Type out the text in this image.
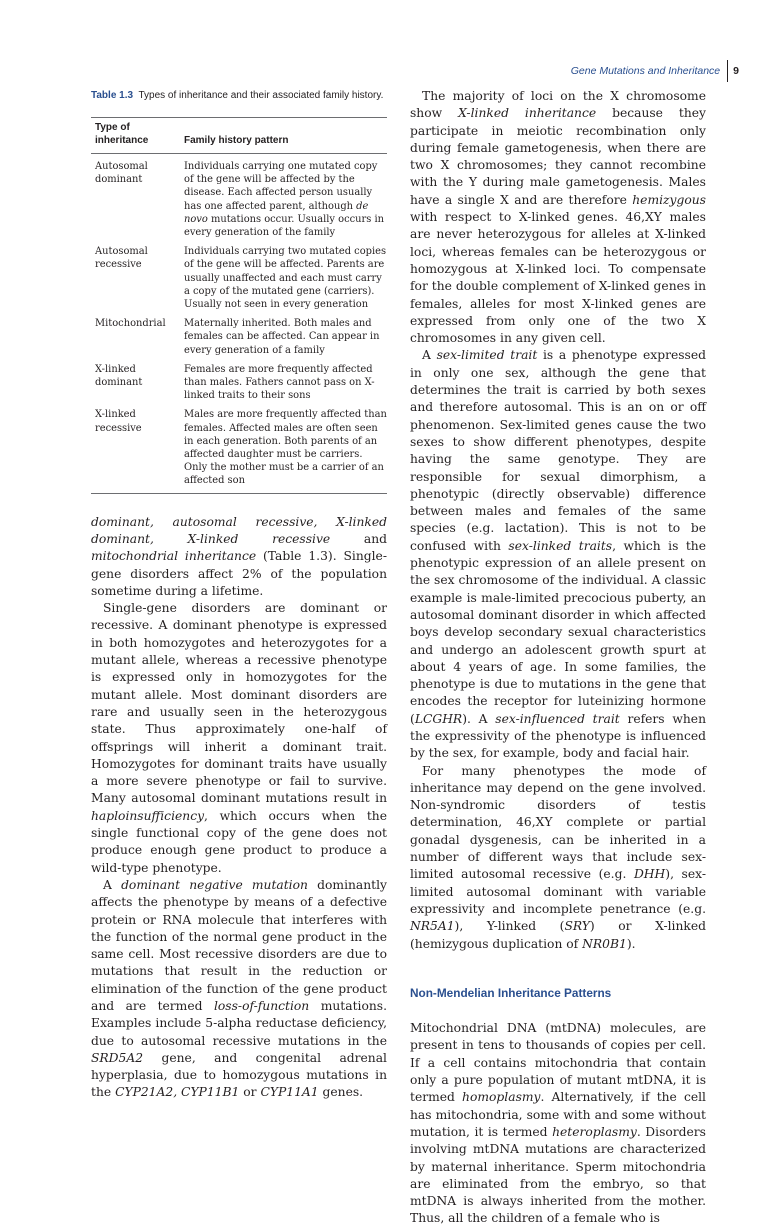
Gene Mutations and Inheritance	9
Table 1.3 Types of inheritance and their associated family history.
Type of inheritance	Family history pattern
Autosomal dominant	Individuals carrying one mutated copy of the gene will be affected by the disease. Each affected person usually has one affected parent, although de novo mutations occur. Usually occurs in every generation of the family
Autosomal recessive	Individuals carrying two mutated copies of the gene will be affected. Parents are usually unaffected and each must carry a copy of the mutated gene (carriers). Usually not seen in every generation
Mitochondrial	Maternally inherited. Both males and females can be affected. Can appear in every generation of a family
X-linked dominant	Females are more frequently affected than males. Fathers cannot pass on X-linked traits to their sons
X-linked recessive	Males are more frequently affected than females. Affected males are often seen in each generation. Both parents of an affected daughter must be carriers. Only the mother must be a carrier of an affected son

dominant, autosomal recessive, X-linked dominant, X-linked recessive and mitochondrial inheritance (Table 1.3). Single-gene disorders affect 2% of the population sometime during a lifetime.

Single-gene disorders are dominant or recessive. A dominant phenotype is expressed in both homozygotes and heterozygotes for a mutant allele, whereas a recessive phenotype is expressed only in homozygotes for the mutant allele. Most dominant disorders are rare and usually seen in the heterozygous state. Thus approximately one-half of offsprings will inherit a dominant trait. Homozygotes for dominant traits have usually a more severe phenotype or fail to survive. Many autosomal dominant mutations result in haploinsufficiency, which occurs when the single functional copy of the gene does not produce enough gene product to produce a wild-type phenotype.

A dominant negative mutation dominantly affects the phenotype by means of a defective protein or RNA molecule that interferes with the function of the normal gene product in the same cell. Most recessive disorders are due to mutations that result in the reduction or elimination of the function of the gene product and are termed loss-of-function mutations. Examples include 5-alpha reductase deficiency, due to autosomal recessive mutations in the SRD5A2 gene, and congenital adrenal hyperplasia, due to homozygous mutations in the CYP21A2, CYP11B1 or CYP11A1 genes.

The majority of loci on the X chromosome show X-linked inheritance because they participate in meiotic recombination only during female gametogenesis, when there are two X chromosomes; they cannot recombine with the Y during male gametogenesis. Males have a single X and are therefore hemizygous with respect to X-linked genes. 46,XY males are never heterozygous for alleles at X-linked loci, whereas females can be heterozygous or homozygous at X-linked loci. To compensate for the double complement of X-linked genes in females, alleles for most X-linked genes are expressed from only one of the two X chromosomes in any given cell.

A sex-limited trait is a phenotype expressed in only one sex, although the gene that determines the trait is carried by both sexes and therefore autosomal. This is an on or off phenomenon. Sex-limited genes cause the two sexes to show different phenotypes, despite having the same genotype. They are responsible for sexual dimorphism, a phenotypic (directly observable) difference between males and females of the same species (e.g. lactation). This is not to be confused with sex-linked traits, which is the phenotypic expression of an allele present on the sex chromosome of the individual. A classic example is male-limited precocious puberty, an autosomal dominant disorder in which affected boys develop secondary sexual characteristics and undergo an adolescent growth spurt at about 4 years of age. In some families, the phenotype is due to mutations in the gene that encodes the receptor for luteinizing hormone (LCGHR). A sex-influenced trait refers when the expressivity of the phenotype is influenced by the sex, for example, body and facial hair.

For many phenotypes the mode of inheritance may depend on the gene involved. Non-syndromic disorders of testis determination, 46,XY complete or partial gonadal dysgenesis, can be inherited in a number of different ways that include sex-limited autosomal recessive (e.g. DHH), sex-limited autosomal dominant with variable expressivity and incomplete penetrance (e.g. NR5A1), Y-linked (SRY) or X-linked (hemizygous duplication of NR0B1).

Non-Mendelian Inheritance Patterns

Mitochondrial DNA (mtDNA) molecules, are present in tens to thousands of copies per cell. If a cell contains mitochondria that contain only a pure population of mutant mtDNA, it is termed homoplasmy. Alternatively, if the cell has mitochondria, some with and some without mutation, it is termed heteroplasmy. Disorders involving mtDNA mutations are characterized by maternal inheritance. Sperm mitochondria are eliminated from the embryo, so that mtDNA is always inherited from the mother. Thus, all the children of a female who is
